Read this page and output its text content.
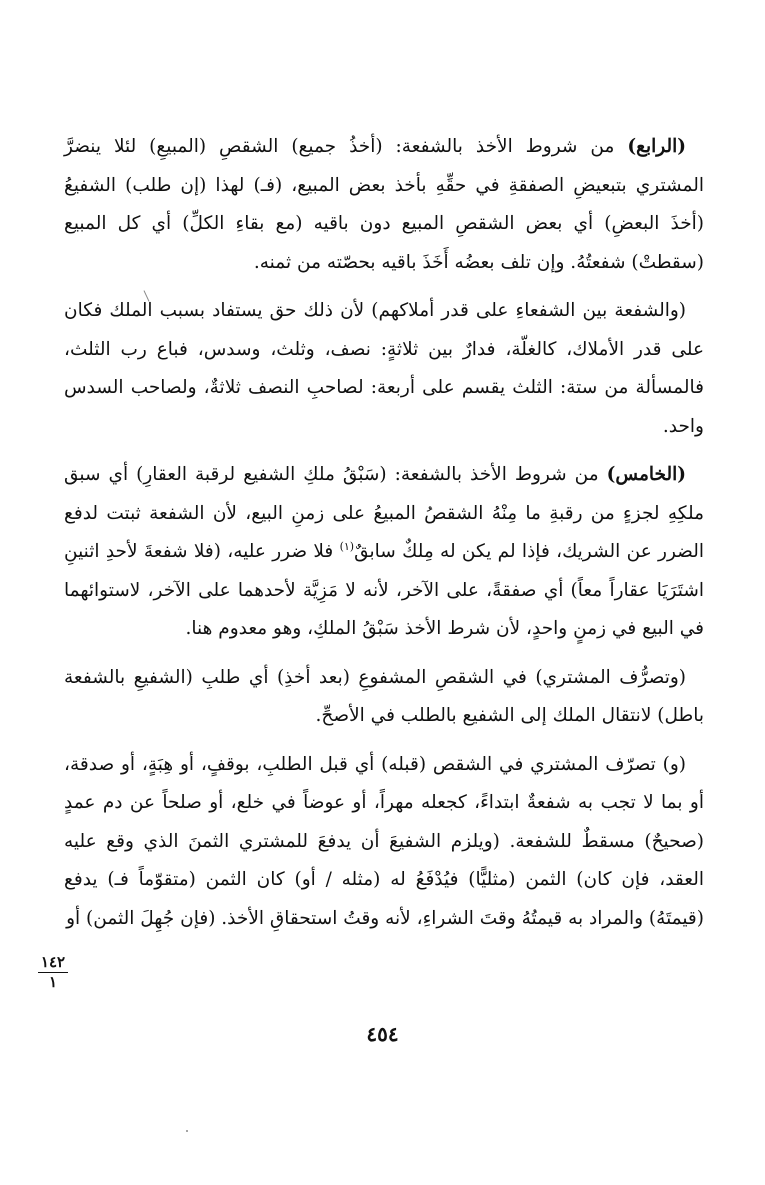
(الرابع) من شروط الأخذ بالشفعة: (أخذُ جميع) الشقصِ (المبيعِ) لئلا ينضرَّ المشتري بتبعيضِ الصفقةِ في حقِّهِ بأخذ بعض المبيع، (فـ) لهذا (إن طلب) الشفيعُ (أخذَ البعضِ) أي بعض الشقصِ المبيع دون باقيه (مع بقاءِ الكلِّ) أي كل المبيع (سقطتْ) شفعتُهُ. وإن تلف بعضُه أَخَذَ باقيه بحصّته من ثمنه.

(والشفعة بين الشفعاءِ على قدر أملاكهم) لأن ذلك حق يستفاد بسبب الملك فكان على قدر الأملاك، كالغلّة، فدارٌ بين ثلاثةٍ: نصف، وثلث، وسدس، فباع رب الثلث، فالمسألة من ستة: الثلث يقسم على أربعة: لصاحبِ النصف ثلاثةٌ، ولصاحب السدس واحد.

(الخامس) من شروط الأخذ بالشفعة: (سَبْقُ ملكِ الشفيع لرقبة العقارِ) أي سبق ملكِهِ لجزءٍ من رقبةِ ما مِنْهُ الشقصُ المبيعُ على زمنِ البيع، لأن الشفعة ثبتت لدفع الضرر عن الشريك، فإذا لم يكن له مِلكٌ سابقٌ$^{(١)}$ فلا ضرر عليه، (فلا شفعةَ لأحدِ اثنينِ اشتَرَيَا عقاراً معاً) أي صفقةً، على الآخر، لأنه لا مَزِيَّة لأحدهما على الآخر، لاستوائهما في البيع في زمنٍ واحدٍ، لأن شرط الأخذ سَبْقُ الملكِ، وهو معدوم هنا.

(وتصرُّف المشتري) في الشقصِ المشفوعِ (بعد أخذِ) أي طلبِ (الشفيعِ بالشفعة باطل) لانتقال الملك إلى الشفيع بالطلب في الأصحِّ.

(و) تصرّف المشتري في الشقص (قبله) أي قبل الطلبِ، بوقفٍ، أو هِبَةٍ، أو صدقة، أو بما لا تجب به شفعةٌ ابتداءً، كجعله مهراً، أو عوضاً في خلع، أو صلحاً عن دم عمدٍ (صحيحٌ) مسقطٌ للشفعة. (ويلزم الشفيعَ أن يدفعَ للمشتري الثمنَ الذي وقع عليه العقد، فإن كان) الثمن (مثليًّا) فيُدْفَعُ له (مثله / أو) كان الثمن (متقوّماً فـ) يدفع (قيمتَهُ) والمراد به قيمتُهُ وقتَ الشراءِ، لأنه وقتُ استحقاقِ الأخذ. (فإن جُهِلَ الثمن) أو

١٤٢
١
٤٥٤
